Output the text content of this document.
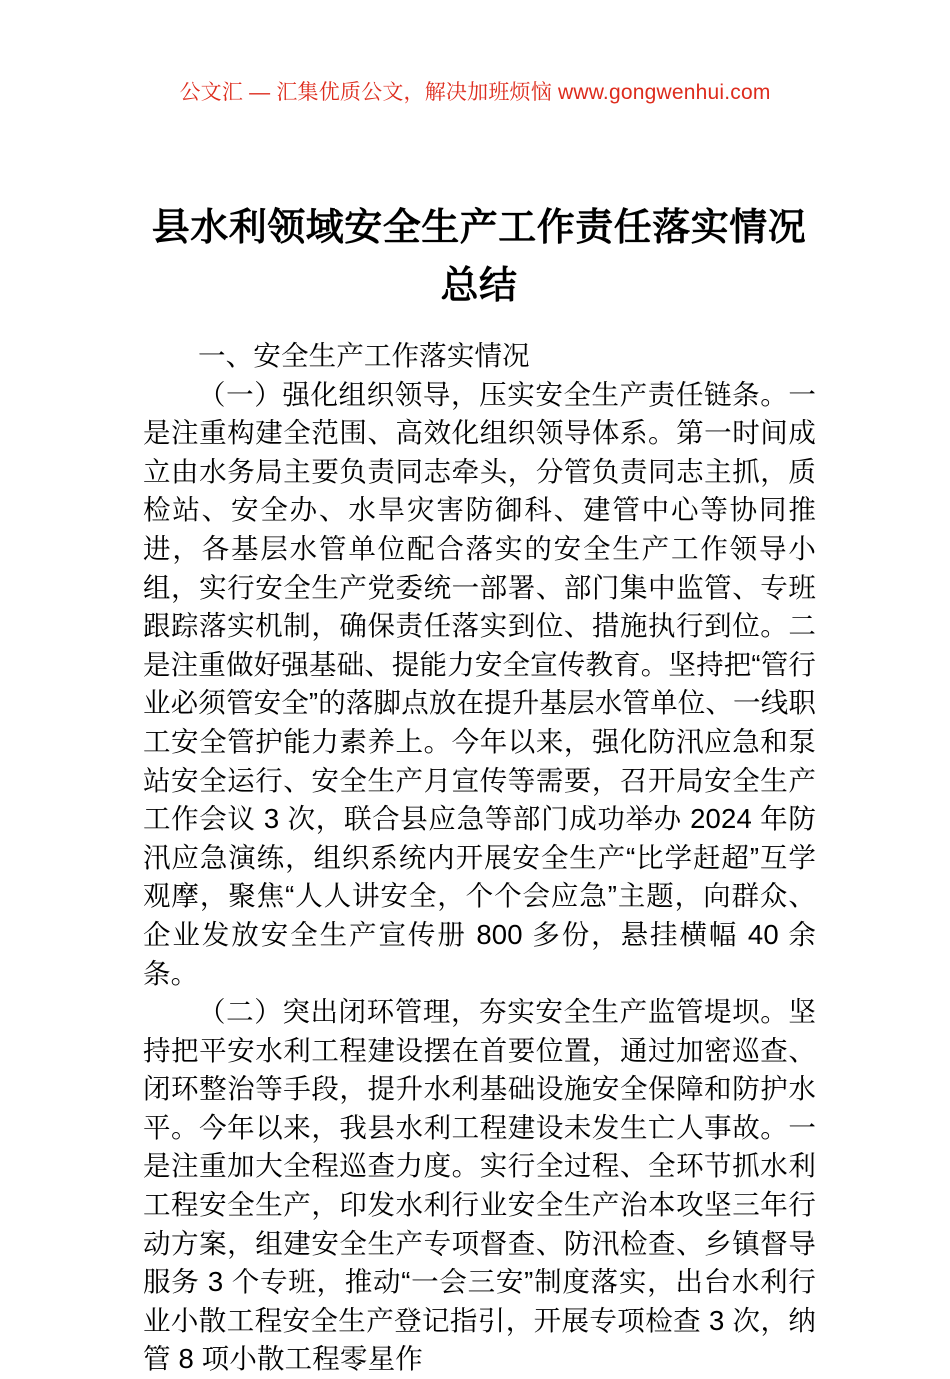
公文汇 — 汇集优质公文，解决加班烦恼 www.gongwenhui.com
县水利领域安全生产工作责任落实情况总结

一、安全生产工作落实情况

（一）强化组织领导，压实安全生产责任链条。一是注重构建全范围、高效化组织领导体系。第一时间成立由水务局主要负责同志牵头，分管负责同志主抓，质检站、安全办、水旱灾害防御科、建管中心等协同推进，各基层水管单位配合落实的安全生产工作领导小组，实行安全生产党委统一部署、部门集中监管、专班跟踪落实机制，确保责任落实到位、措施执行到位。二是注重做好强基础、提能力安全宣传教育。坚持把“管行业必须管安全”的落脚点放在提升基层水管单位、一线职工安全管护能力素养上。今年以来，强化防汛应急和泵站安全运行、安全生产月宣传等需要，召开局安全生产工作会议 3 次，联合县应急等部门成功举办 2024 年防汛应急演练，组织系统内开展安全生产“比学赶超”互学观摩，聚焦“人人讲安全，个个会应急”主题，向群众、企业发放安全生产宣传册 800 多份，悬挂横幅 40 余条。

（二）突出闭环管理，夯实安全生产监管堤坝。坚持把平安水利工程建设摆在首要位置，通过加密巡查、闭环整治等手段，提升水利基础设施安全保障和防护水平。今年以来，我县水利工程建设未发生亡人事故。一是注重加大全程巡查力度。实行全过程、全环节抓水利工程安全生产，印发水利行业安全生产治本攻坚三年行动方案，组建安全生产专项督查、防汛检查、乡镇督导服务 3 个专班，推动“一会三安”制度落实，出台水利行业小散工程安全生产登记指引，开展专项检查 3 次，纳管 8 项小散工程零星作
